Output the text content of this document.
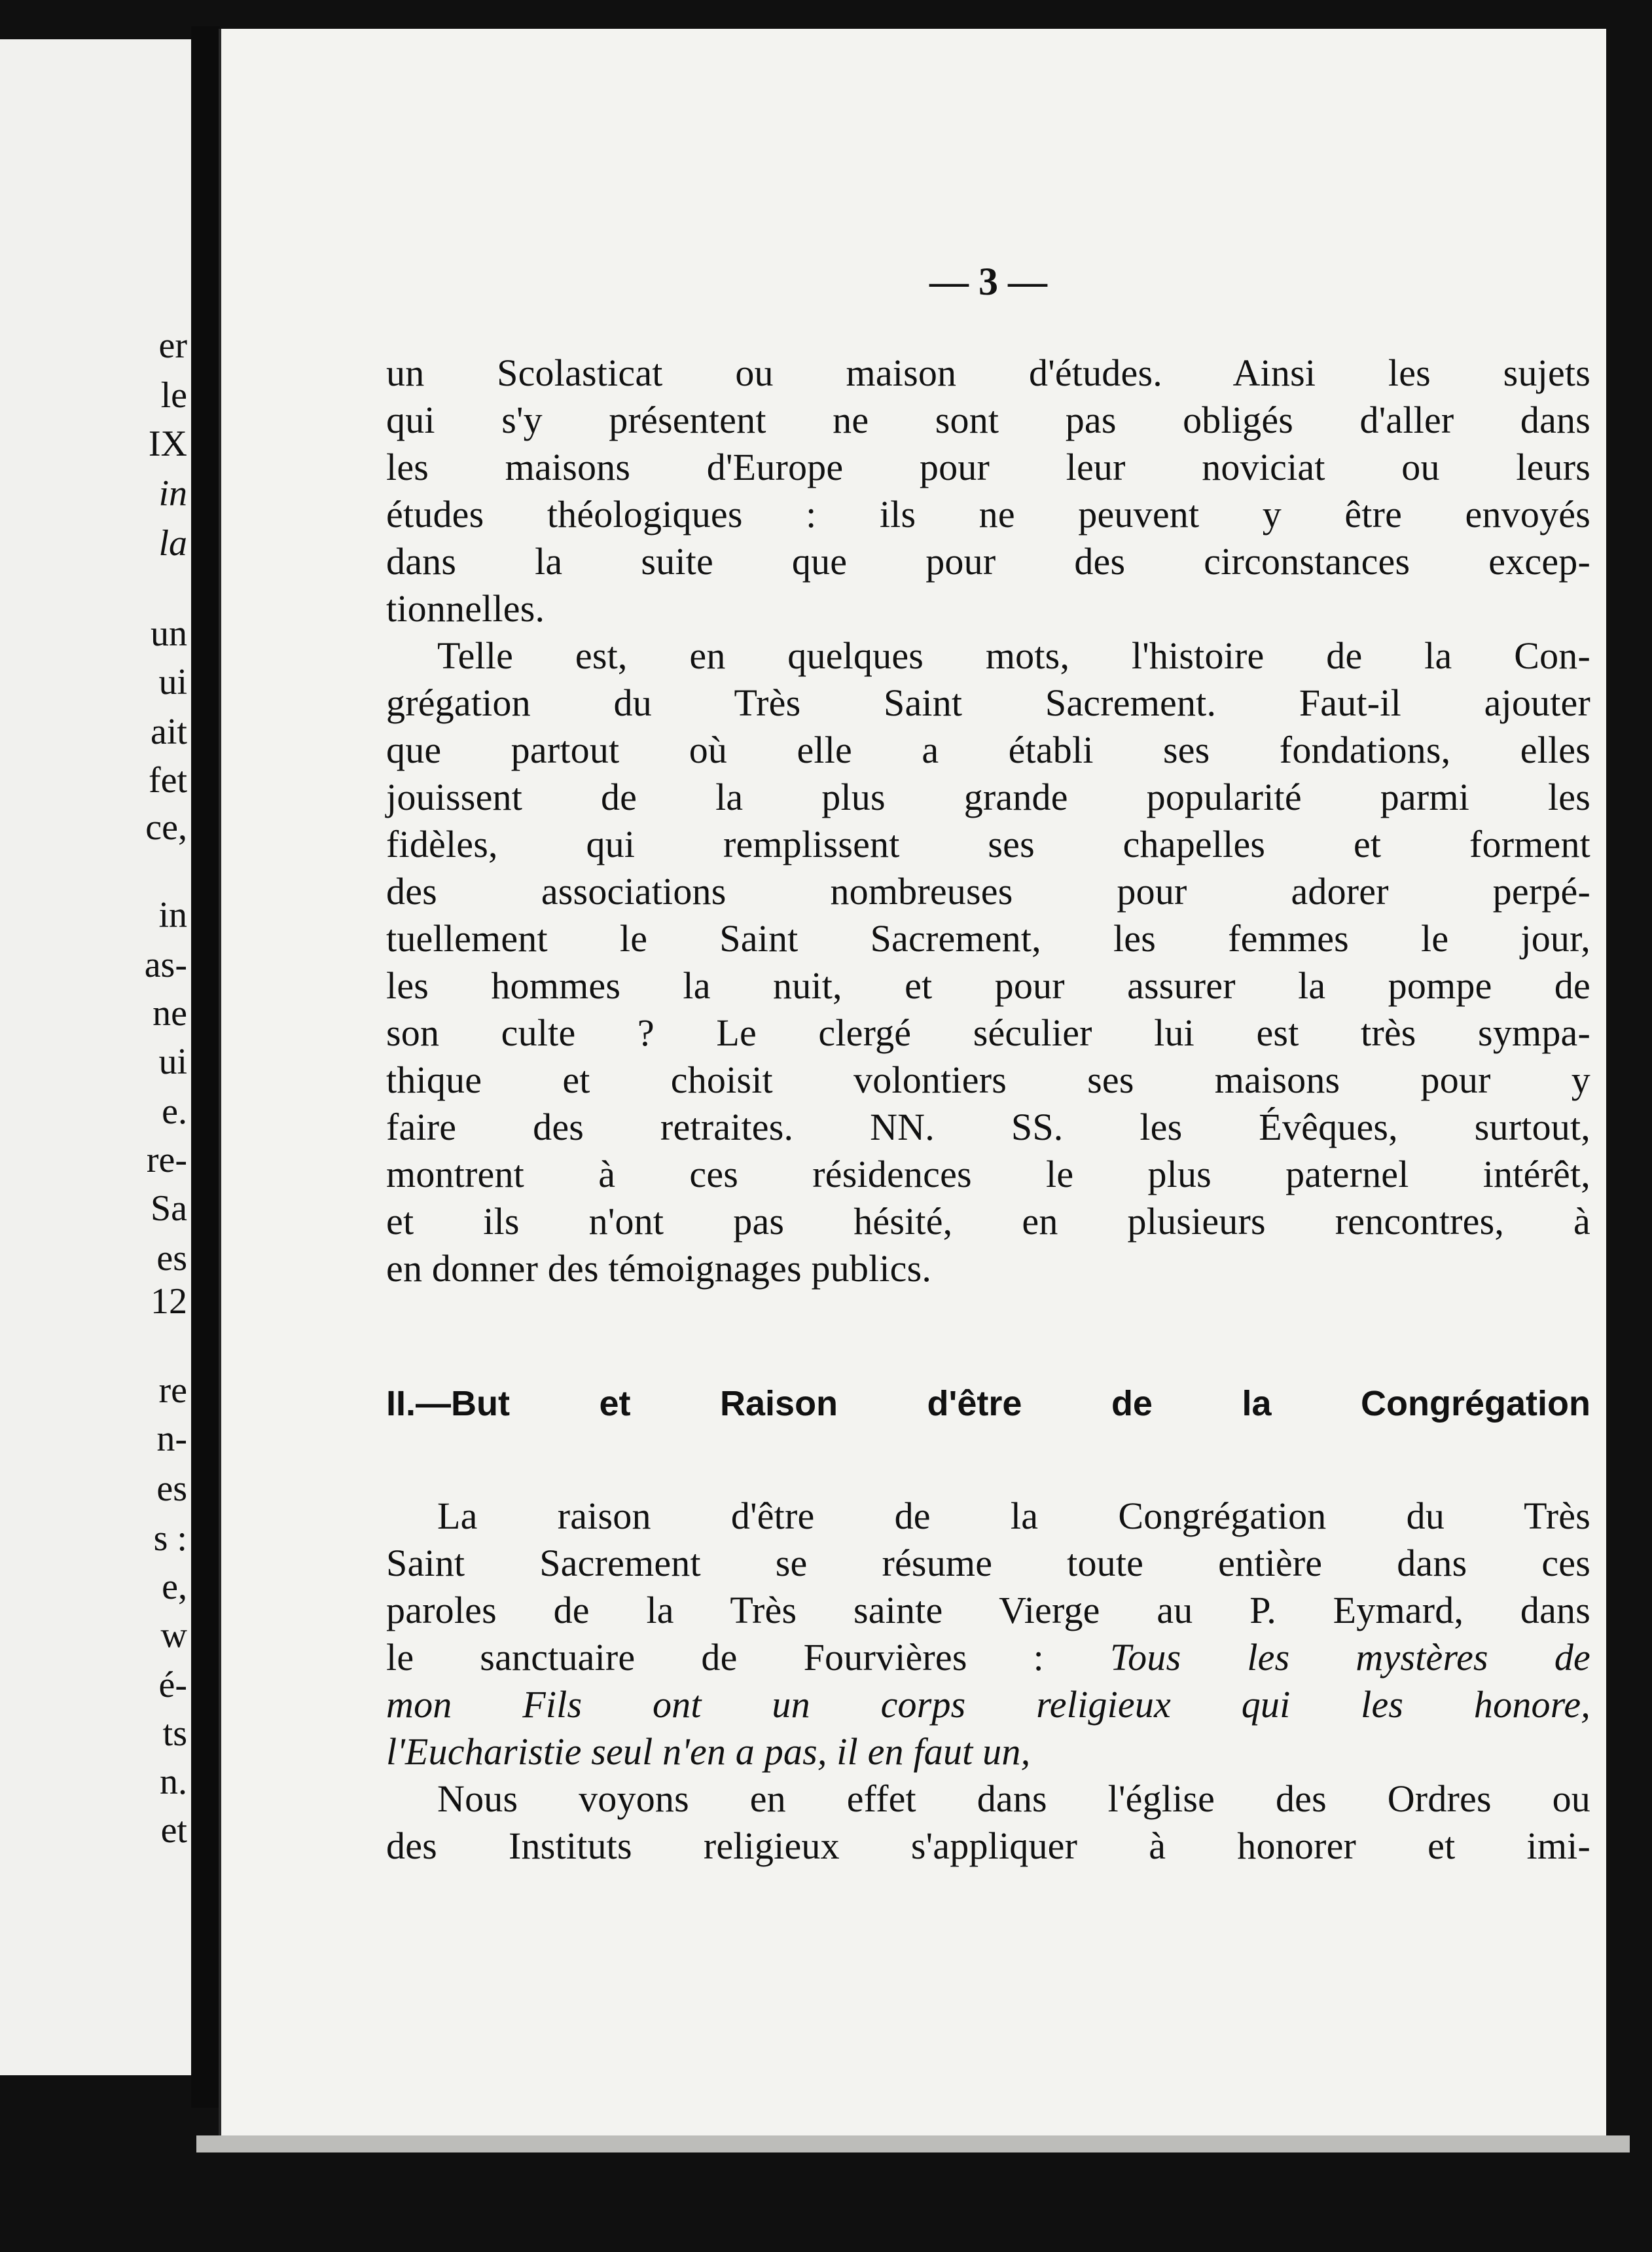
er
le
IX
in
la
un
ui
ait
fet
ce,
in
as-
ne
ui
e.
re-
Sa
es
12
re
n-
es
s :
e,
w
é-
ts
n.
et
— 3 —
un Scolasticat ou maison d'études. Ainsi les sujets
qui s'y présentent ne sont pas obligés d'aller dans
les maisons d'Europe pour leur noviciat ou leurs
études théologiques : ils ne peuvent y être envoyés
dans la suite que pour des circonstances excep-
tionnelles.
Telle est, en quelques mots, l'histoire de la Con-
grégation du Très Saint Sacrement. Faut-il ajouter
que partout où elle a établi ses fondations, elles
jouissent de la plus grande popularité parmi les
fidèles, qui remplissent ses chapelles et forment
des associations nombreuses pour adorer perpé-
tuellement le Saint Sacrement, les femmes le jour,
les hommes la nuit, et pour assurer la pompe de
son culte ? Le clergé séculier lui est très sympa-
thique et choisit volontiers ses maisons pour y
faire des retraites. NN. SS. les Évêques, surtout,
montrent à ces résidences le plus paternel intérêt,
et ils n'ont pas hésité, en plusieurs rencontres, à
en donner des témoignages publics.
II.—But et Raison d'être de la Congrégation
La raison d'être de la Congrégation du Très
Saint Sacrement se résume toute entière dans ces
paroles de la Très sainte Vierge au P. Eymard, dans
le sanctuaire de Fourvières : Tous les mystères de
mon Fils ont un corps religieux qui les honore,
l'Eucharistie seul n'en a pas, il en faut un,
Nous voyons en effet dans l'église des Ordres ou
des Instituts religieux s'appliquer à honorer et imi-
